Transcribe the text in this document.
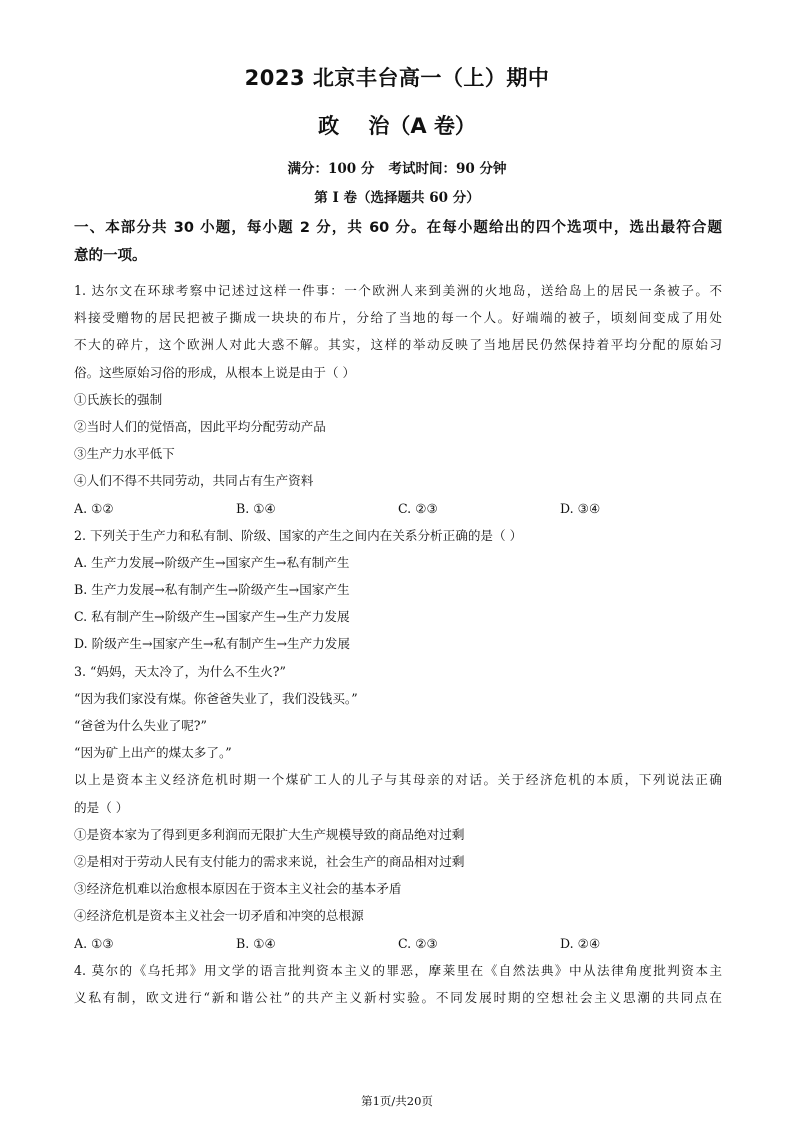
2023 北京丰台高一（上）期中
政    治（A 卷）
满分：100 分   考试时间：90 分钟
第 I 卷（选择题共 60 分）
一、本部分共 30 小题，每小题 2 分，共 60 分。在每小题给出的四个选项中，选出最符合题
意的一项。
1. 达尔文在环球考察中记述过这样一件事：一个欧洲人来到美洲的火地岛，送给岛上的居民一条被子。不
料接受赠物的居民把被子撕成一块块的布片，分给了当地的每一个人。好端端的被子，顷刻间变成了用处
不大的碎片，这个欧洲人对此大惑不解。其实，这样的举动反映了当地居民仍然保持着平均分配的原始习
俗。这些原始习俗的形成，从根本上说是由于（ ）
①氏族长的强制
②当时人们的觉悟高，因此平均分配劳动产品
③生产力水平低下
④人们不得不共同劳动，共同占有生产资料
A. ①②	B. ①④	C. ②③	D. ③④
2. 下列关于生产力和私有制、阶级、国家的产生之间内在关系分析正确的是（ ）
A. 生产力发展→阶级产生→国家产生→私有制产生
B. 生产力发展→私有制产生→阶级产生→国家产生
C. 私有制产生→阶级产生→国家产生→生产力发展
D. 阶级产生→国家产生→私有制产生→生产力发展
3. “妈妈，天太冷了，为什么不生火?”
“因为我们家没有煤。你爸爸失业了，我们没钱买。”
“爸爸为什么失业了呢?”
“因为矿上出产的煤太多了。”
以上是资本主义经济危机时期一个煤矿工人的儿子与其母亲的对话。关于经济危机的本质，下列说法正确
的是（ ）
①是资本家为了得到更多利润而无限扩大生产规模导致的商品绝对过剩
②是相对于劳动人民有支付能力的需求来说，社会生产的商品相对过剩
③经济危机难以治愈根本原因在于资本主义社会的基本矛盾
④经济危机是资本主义社会一切矛盾和冲突的总根源
A. ①③	B. ①④	C. ②③	D. ②④
4. 莫尔的《乌托邦》用文学的语言批判资本主义的罪恶，摩莱里在《自然法典》中从法律角度批判资本主
义私有制，欧文进行“新和谐公社”的共产主义新村实验。不同发展时期的空想社会主义思潮的共同点在
第1页/共20页
